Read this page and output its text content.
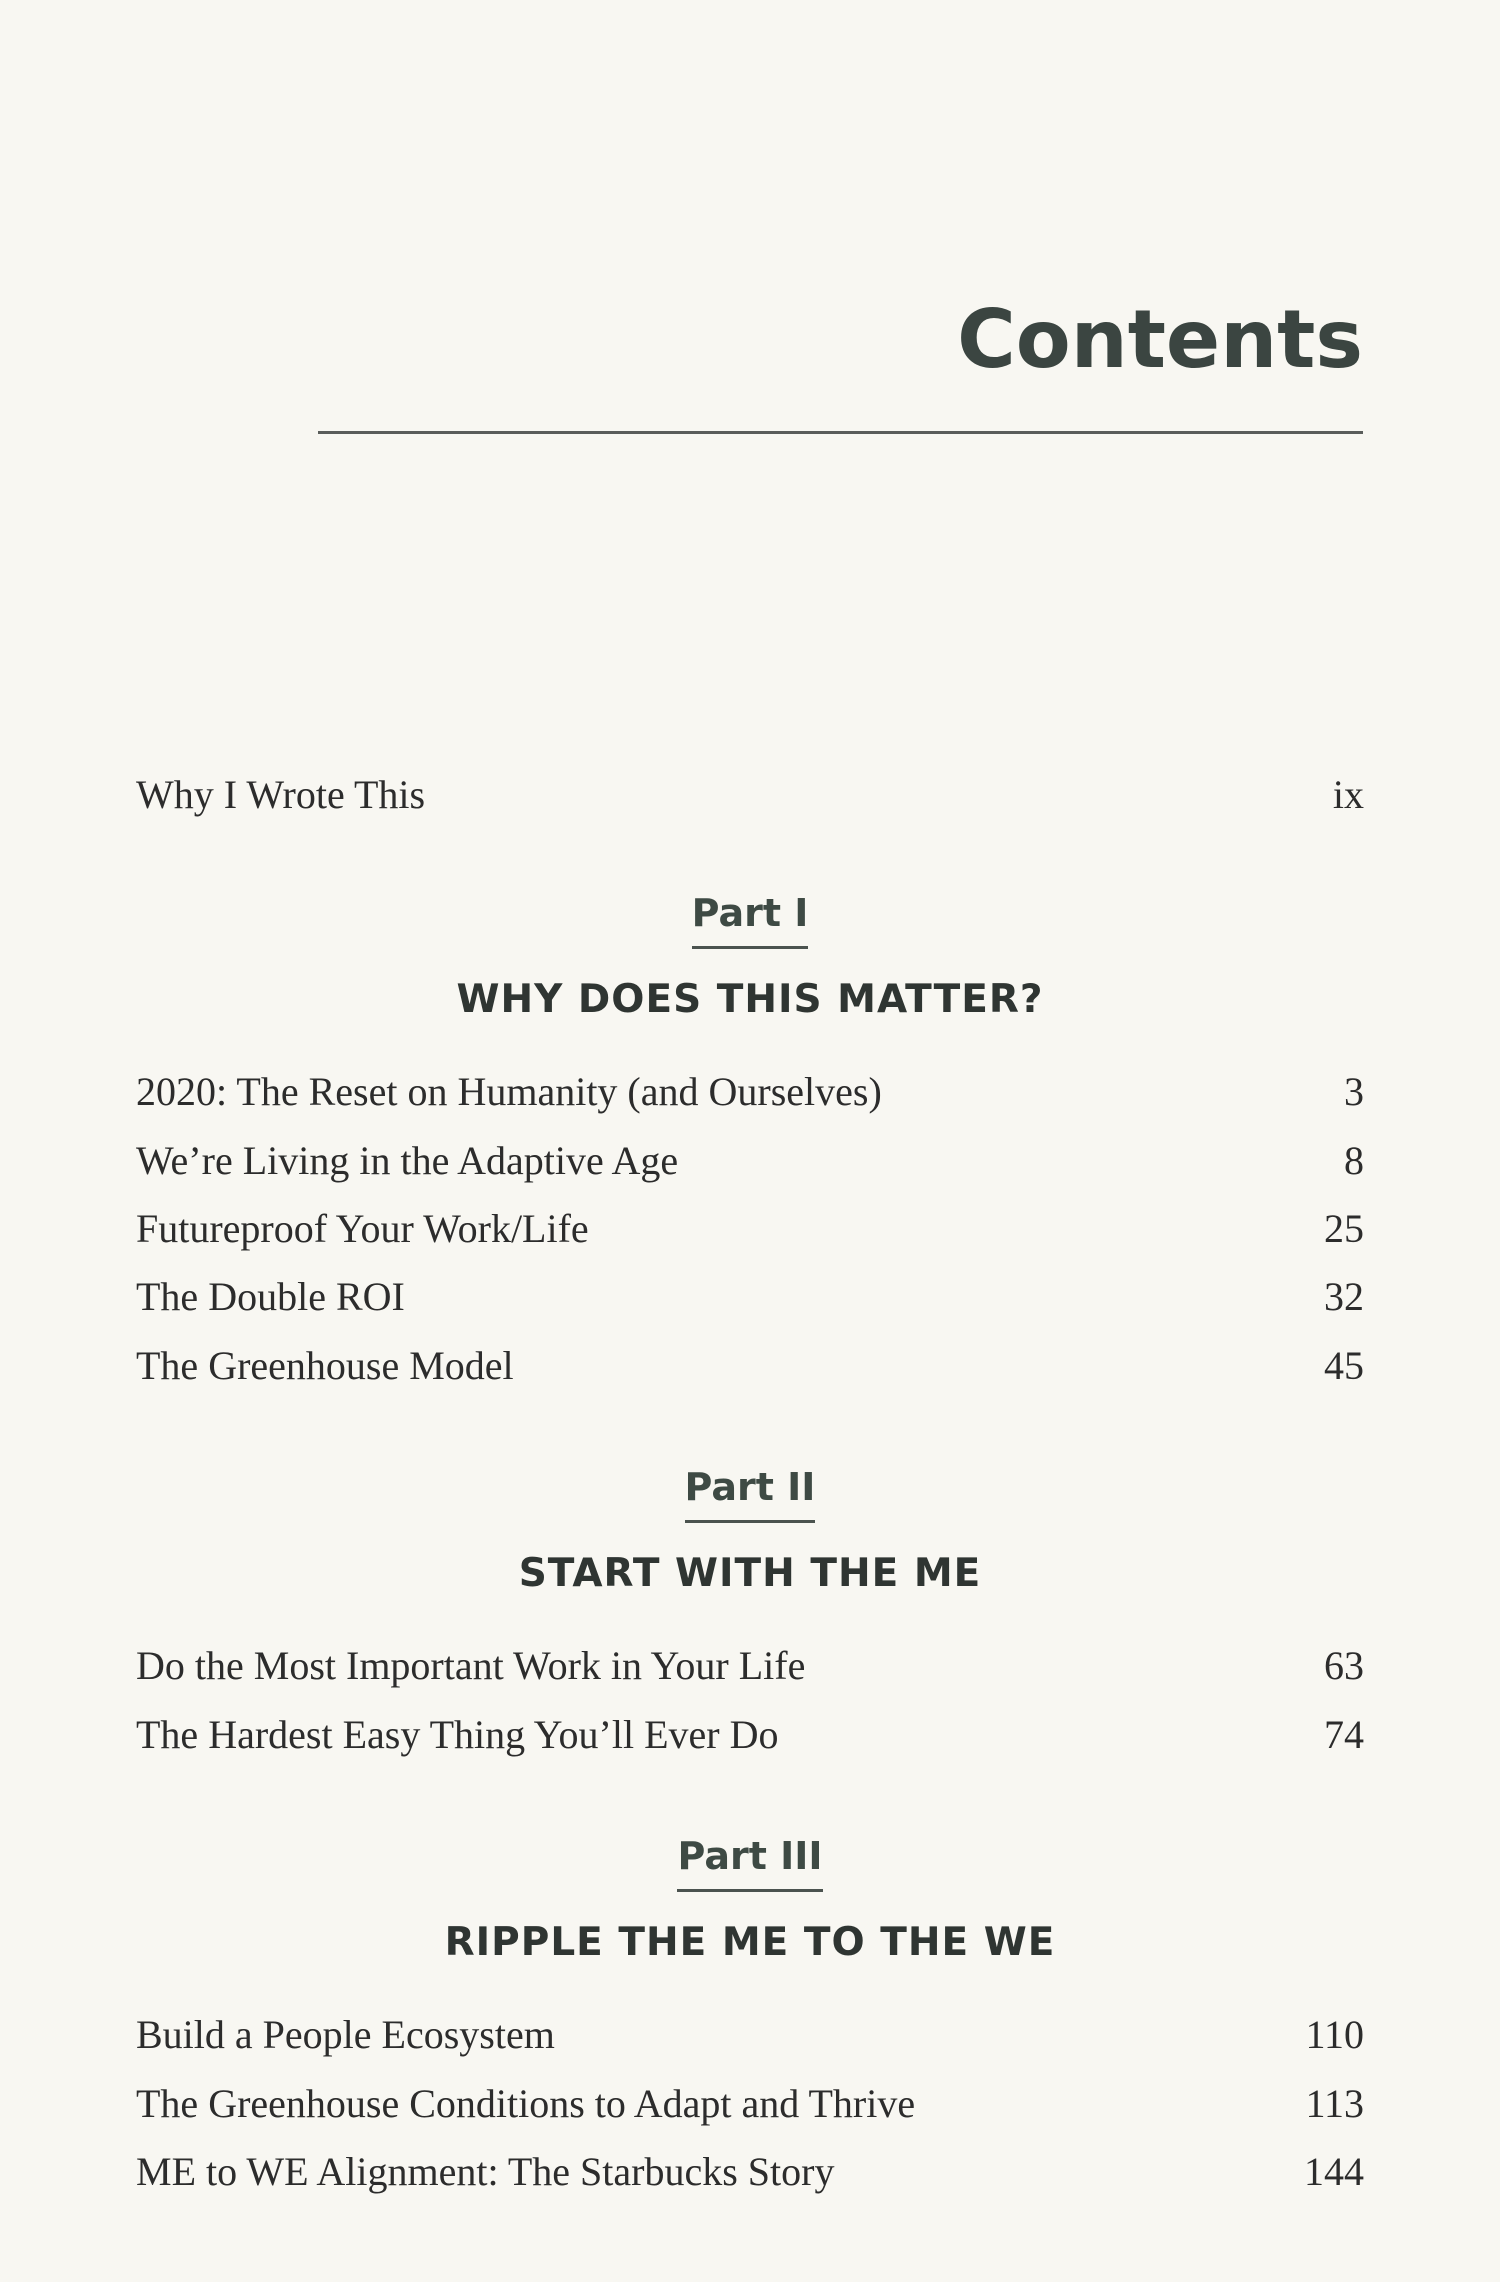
Contents
Why I Wrote This	ix
Part I
WHY DOES THIS MATTER?
2020: The Reset on Humanity (and Ourselves)	3
We’re Living in the Adaptive Age	8
Futureproof Your Work/Life	25
The Double ROI	32
The Greenhouse Model	45
Part II
START WITH THE ME
Do the Most Important Work in Your Life	63
The Hardest Easy Thing You’ll Ever Do	74
Part III
RIPPLE THE ME TO THE WE
Build a People Ecosystem	110
The Greenhouse Conditions to Adapt and Thrive	113
ME to WE Alignment: The Starbucks Story	144
